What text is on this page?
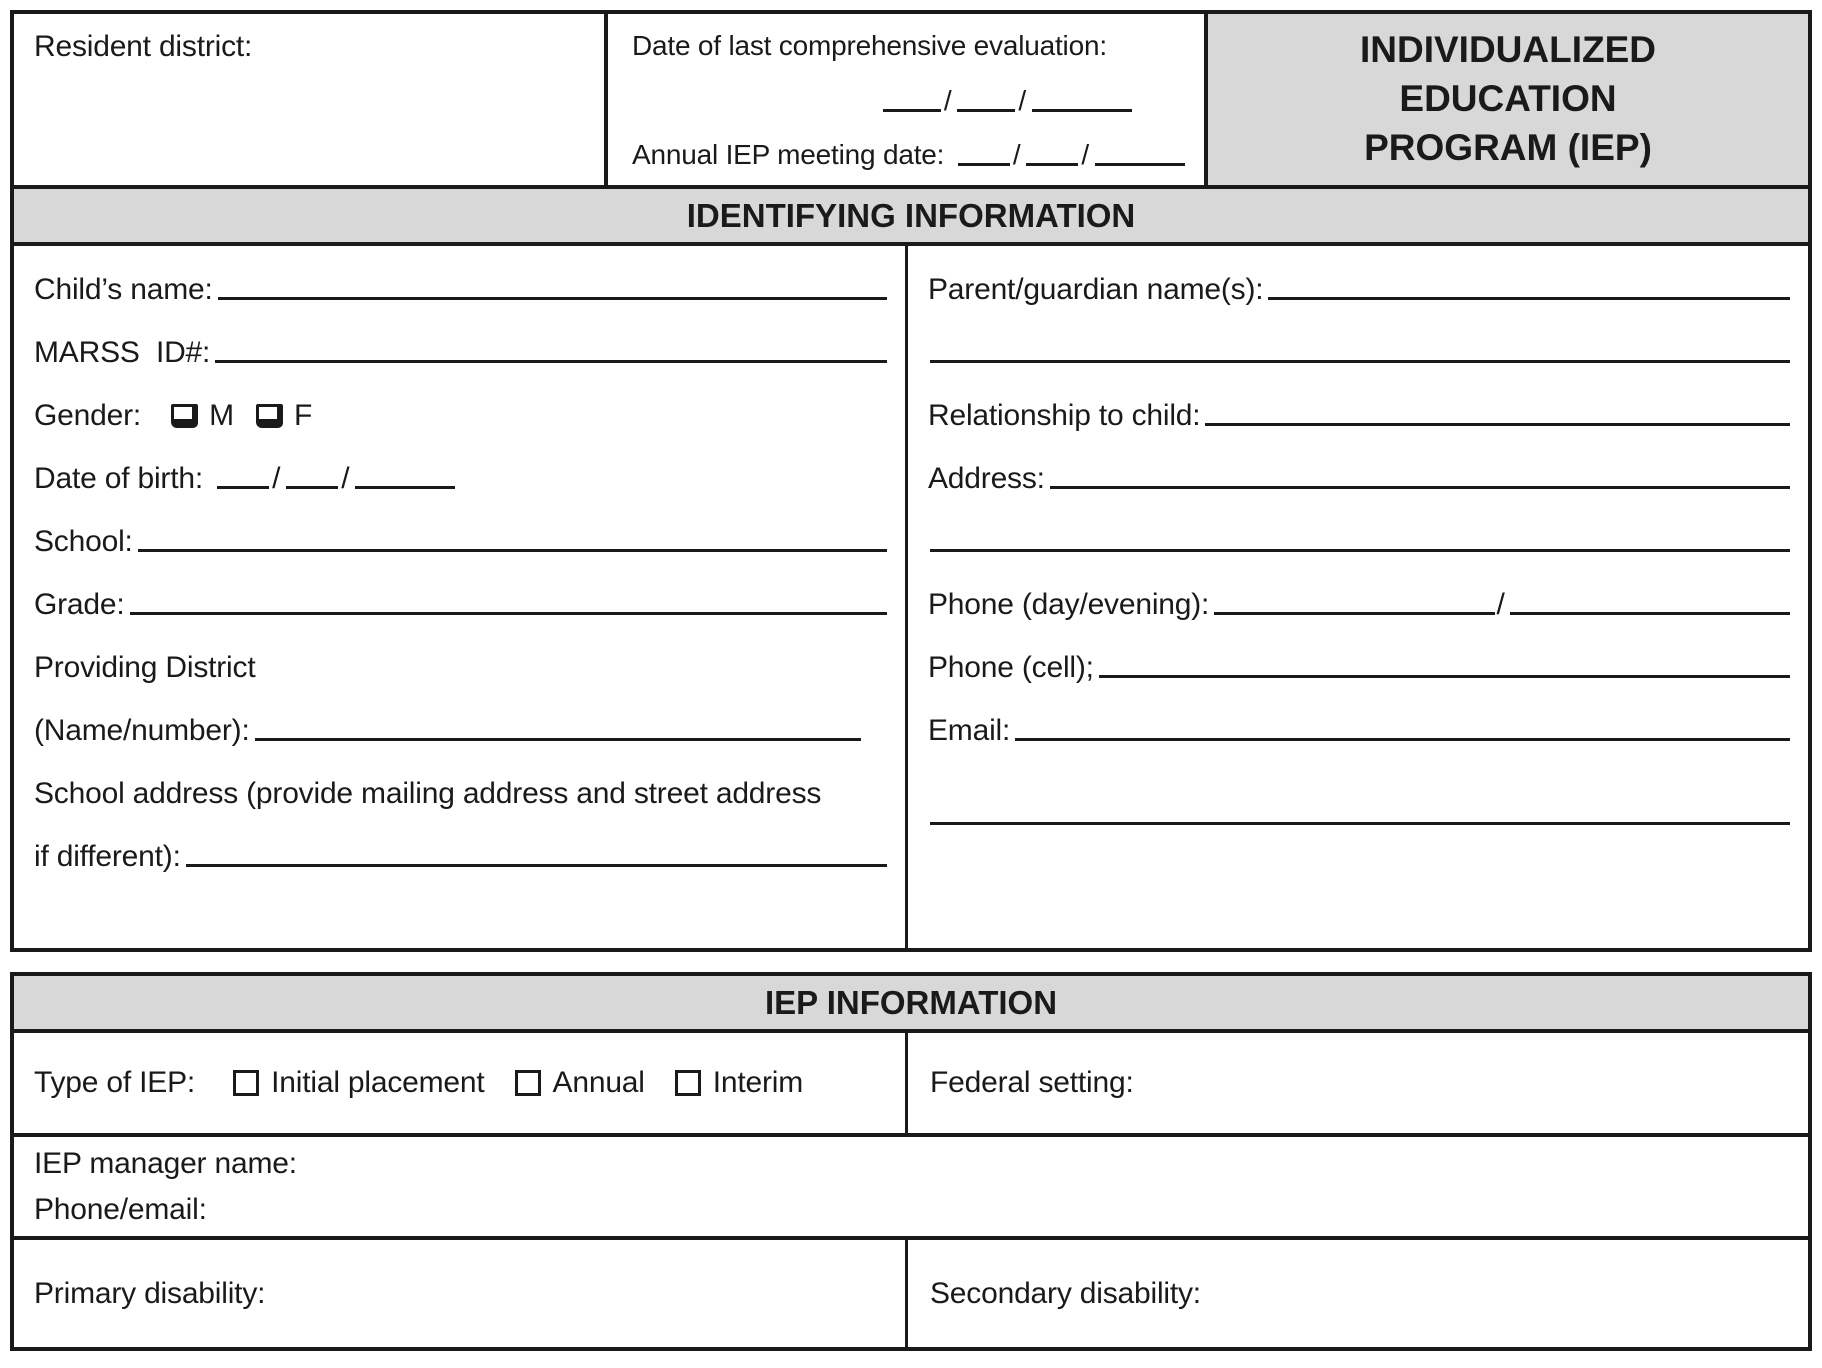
Resident district:	Date of last comprehensive evaluation:
/ /
Annual IEP meeting date: / /
INDIVIDUALIZED
EDUCATION
PROGRAM (IEP)
IDENTIFYING INFORMATION
Child’s name:
MARSS  ID#:
Gender: M F
Date of birth: / /
School:
Grade:
Providing District
(Name/number):
School address (provide mailing address and street address
if different):
Parent/guardian name(s):
Relationship to child:
Address:
Phone (day/evening):	/
Phone (cell);
Email:
IEP INFORMATION
Type of IEP: Initial placement Annual Interim	Federal setting:
IEP manager name:
Phone/email:
Primary disability:	Secondary disability:
